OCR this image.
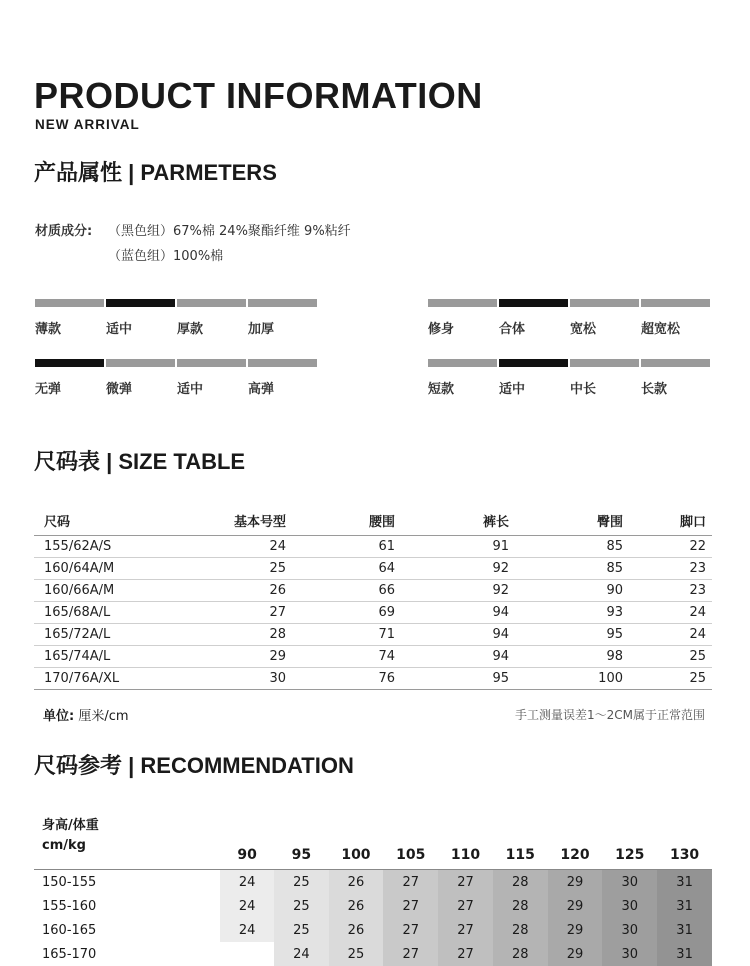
PRODUCT INFORMATION
NEW ARRIVAL
产品属性 | PARMETERS
材质成分: （黑色组）67%棉 24%聚酯纤维 9%粘纤
（蓝色组）100%棉
薄款	适中	厚款	加厚	修身	合体	宽松	超宽松
无弹	微弹	适中	高弹	短款	适中	中长	长款
尺码表 | SIZE TABLE
尺码	基本号型	腰围	裤长	臀围	脚口
155/62A/S	24	61	91	85	22
160/64A/M	25	64	92	85	23
160/66A/M	26	66	92	90	23
165/68A/L	27	69	94	93	24
165/72A/L	28	71	94	95	24
165/74A/L	29	74	94	98	25
170/76A/XL	30	76	95	100	25
单位: 厘米/cm	手工测量误差1～2CM属于正常范围
尺码参考 | RECOMMENDATION
身高/体重
cm/kg	90	95	100	105	110	115	120	125	130
150-155	24	25	26	27	27	28	29	30	31
155-160	24	25	26	27	27	28	29	30	31
160-165	24	25	26	27	27	28	29	30	31
165-170		24	25	27	27	28	29	30	31
